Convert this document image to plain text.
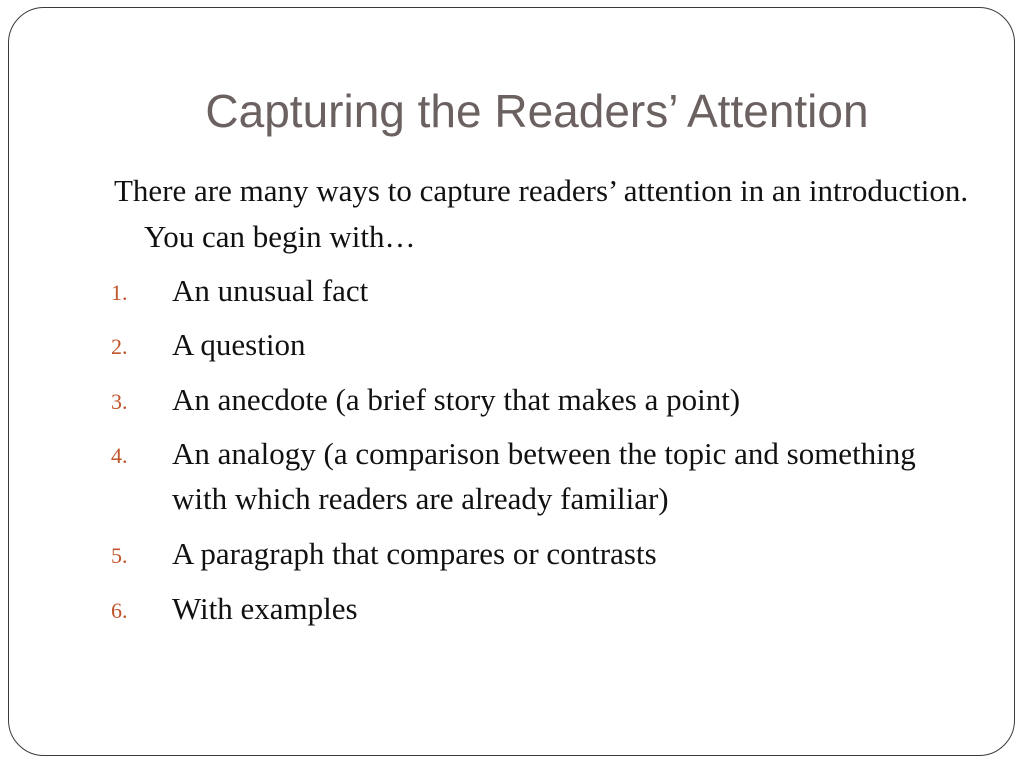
Capturing the Readers’ Attention
There are many ways to capture readers’ attention in an introduction. You can begin with…
1. An unusual fact
2. A question
3. An anecdote (a brief story that makes a point)
4. An analogy (a comparison between the topic and something with which readers are already familiar)
5. A paragraph that compares or contrasts
6. With examples
